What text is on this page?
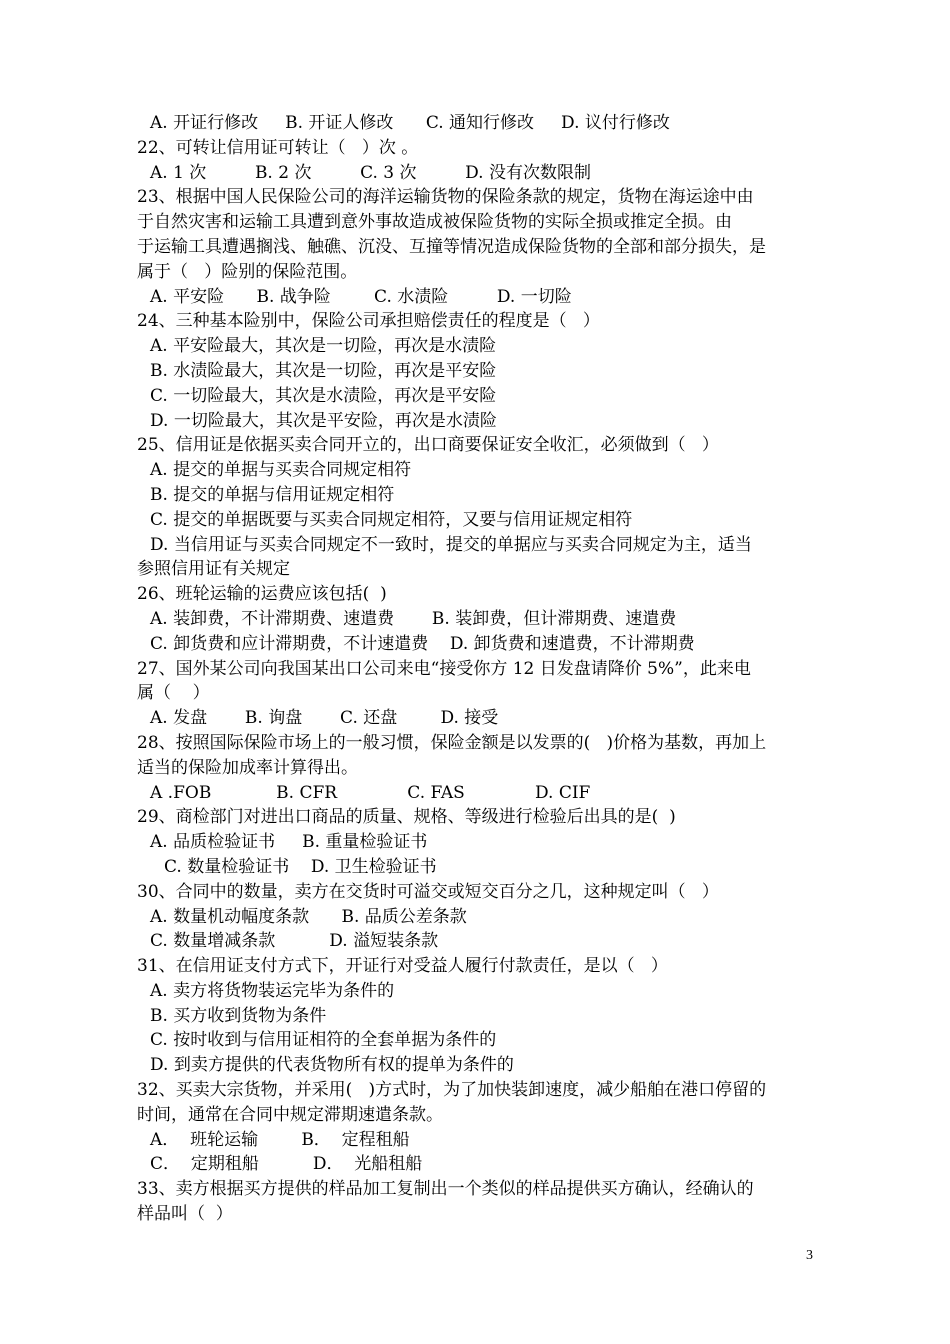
A. 开证行修改     B. 开证人修改      C. 通知行修改     D. 议付行修改
22、可转让信用证可转让（   ）次 。
A. 1 次         B. 2 次         C. 3 次         D. 没有次数限制
23、根据中国人民保险公司的海洋运输货物的保险条款的规定，货物在海运途中由
于自然灾害和运输工具遭到意外事故造成被保险货物的实际全损或推定全损。由
于运输工具遭遇搁浅、触礁、沉没、互撞等情况造成保险货物的全部和部分损失，是
属于（   ）险别的保险范围。
A. 平安险      B. 战争险        C. 水渍险         D. 一切险
24、三种基本险别中，保险公司承担赔偿责任的程度是（   ）
A. 平安险最大，其次是一切险，再次是水渍险
B. 水渍险最大，其次是一切险，再次是平安险
C. 一切险最大，其次是水渍险，再次是平安险
D. 一切险最大，其次是平安险，再次是水渍险
25、信用证是依据买卖合同开立的，出口商要保证安全收汇，必须做到（   ）
A. 提交的单据与买卖合同规定相符
B. 提交的单据与信用证规定相符
C. 提交的单据既要与买卖合同规定相符，又要与信用证规定相符
D. 当信用证与买卖合同规定不一致时，提交的单据应与买卖合同规定为主，适当
参照信用证有关规定
26、班轮运输的运费应该包括(  )
A. 装卸费，不计滞期费、速遣费       B. 装卸费，但计滞期费、速遣费
C. 卸货费和应计滞期费，不计速遣费    D. 卸货费和速遣费，不计滞期费
27、国外某公司向我国某出口公司来电“接受你方 12 日发盘请降价 5%”，此来电
属（    ）
A. 发盘       B. 询盘       C. 还盘        D. 接受
28、按照国际保险市场上的一般习惯，保险金额是以发票的(   )价格为基数，再加上
适当的保险加成率计算得出。
A .FOB            B. CFR             C. FAS             D. CIF
29、商检部门对进出口商品的质量、规格、等级进行检验后出具的是(  )
A. 品质检验证书     B. 重量检验证书
C. 数量检验证书    D. 卫生检验证书
30、合同中的数量，卖方在交货时可溢交或短交百分之几，这种规定叫（   ）
A. 数量机动幅度条款      B. 品质公差条款
C. 数量增减条款          D. 溢短装条款
31、在信用证支付方式下，开证行对受益人履行付款责任，是以（   ）
A. 卖方将货物装运完毕为条件的
B. 买方收到货物为条件
C. 按时收到与信用证相符的全套单据为条件的
D. 到卖方提供的代表货物所有权的提单为条件的
32、买卖大宗货物，并采用(   )方式时，为了加快装卸速度，减少船舶在港口停留的
时间，通常在合同中规定滞期速遣条款。
A．  班轮运输        B．  定程租船
C．  定期租船          D．  光船租船
33、卖方根据买方提供的样品加工复制出一个类似的样品提供买方确认，经确认的
样品叫（  ）
3
